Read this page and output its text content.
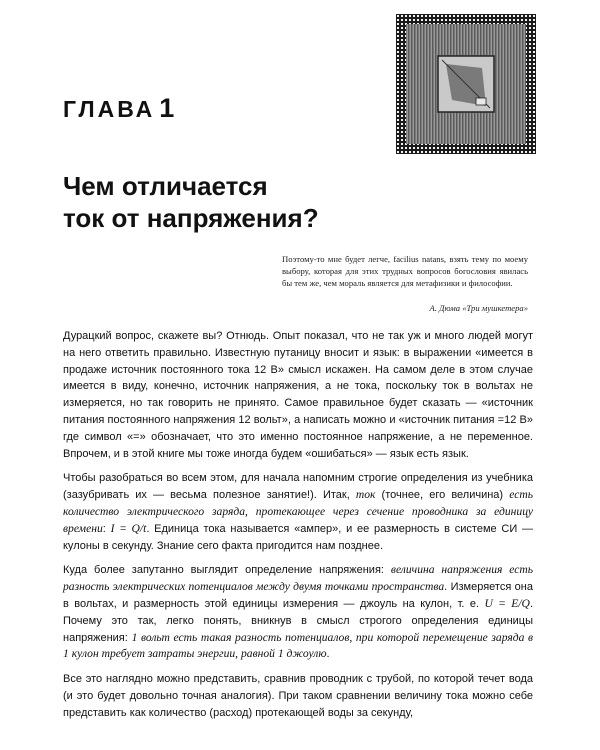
ГЛАВА 1
Чем отличается
ток от напряжения?

Поэтому-то мне будет легче, facilius natans, взять тему по моему выбору, которая для этих трудных вопросов богословия явилась бы тем же, чем мораль является для метафизики и философии.

А. Дюма «Три мушкетера»

Дурацкий вопрос, скажете вы? Отнюдь. Опыт показал, что не так уж и много людей могут на него ответить правильно. Известную путаницу вносит и язык: в выражении «имеется в продаже источник постоянного тока 12 В» смысл искажен. На самом деле в этом случае имеется в виду, конечно, источник напряжения, а не тока, поскольку ток в вольтах не измеряется, но так говорить не принято. Самое правильное будет сказать — «источник питания постоянного напряжения 12 вольт», а написать можно и «источник питания =12 В» где символ «=» обозначает, что это именно постоянное напряжение, а не переменное. Впрочем, и в этой книге мы тоже иногда будем «ошибаться» — язык есть язык.

Чтобы разобраться во всем этом, для начала напомним строгие определения из учебника (зазубривать их — весьма полезное занятие!). Итак, ток (точнее, его величина) есть количество электрического заряда, протекающее через сечение проводника за единицу времени: I = Q/t. Единица тока называется «ампер», и ее размерность в системе СИ — кулоны в секунду. Знание сего факта пригодится нам позднее.

Куда более запутанно выглядит определение напряжения: величина напряжения есть разность электрических потенциалов между двумя точками пространства. Измеряется она в вольтах, и размерность этой единицы измерения — джоуль на кулон, т. е. U = E/Q. Почему это так, легко понять, вникнув в смысл строгого определения единицы напряжения: 1 вольт есть такая разность потенциалов, при которой перемещение заряда в 1 кулон требует затраты энергии, равной 1 джоулю.

Все это наглядно можно представить, сравнив проводник с трубой, по которой течет вода (и это будет довольно точная аналогия). При таком сравнении величину тока можно себе представить как количество (расход) протекающей воды за секунду,
